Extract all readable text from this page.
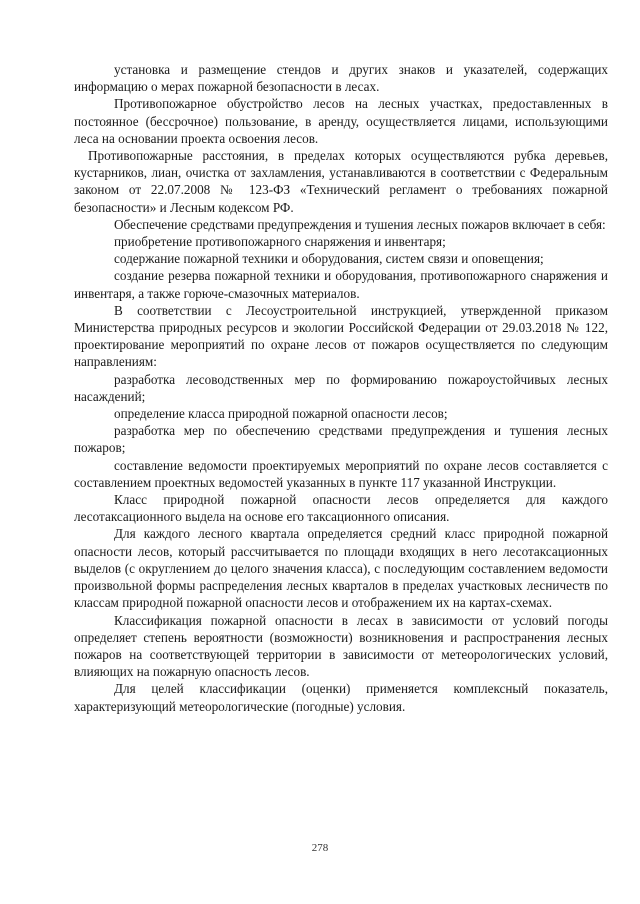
установка и размещение стендов и других знаков и указателей, содержащих информацию о мерах пожарной безопасности в лесах.

Противопожарное обустройство лесов на лесных участках, предоставленных в постоянное (бессрочное) пользование, в аренду, осуществляется лицами, использующими леса на основании проекта освоения лесов.

Противопожарные расстояния, в пределах которых осуществляются рубка деревьев, кустарников, лиан, очистка от захламления, устанавливаются в соответствии с Федеральным законом от 22.07.2008 № 123-ФЗ «Технический регламент о требованиях пожарной безопасности» и Лесным кодексом РФ.

Обеспечение средствами предупреждения и тушения лесных пожаров включает в себя:

приобретение противопожарного снаряжения и инвентаря;

содержание пожарной техники и оборудования, систем связи и оповещения;

создание резерва пожарной техники и оборудования, противопожарного снаряжения и инвентаря, а также горюче-смазочных материалов.

В соответствии с Лесоустроительной инструкцией, утвержденной приказом Министерства природных ресурсов и экологии Российской Федерации от 29.03.2018 № 122, проектирование мероприятий по охране лесов от пожаров осуществляется по следующим направлениям:

разработка лесоводственных мер по формированию пожароустойчивых лесных насаждений;

определение класса природной пожарной опасности лесов;

разработка мер по обеспечению средствами предупреждения и тушения лесных пожаров;

составление ведомости проектируемых мероприятий по охране лесов составляется с составлением проектных ведомостей указанных в пункте 117 указанной Инструкции.

Класс природной пожарной опасности лесов определяется для каждого лесотаксационного выдела на основе его таксационного описания.

Для каждого лесного квартала определяется средний класс природной пожарной опасности лесов, который рассчитывается по площади входящих в него лесотаксационных выделов (с округлением до целого значения класса), с последующим составлением ведомости произвольной формы распределения лесных кварталов в пределах участковых лесничеств по классам природной пожарной опасности лесов и отображением их на картах-схемах.

Классификация пожарной опасности в лесах в зависимости от условий погоды определяет степень вероятности (возможности) возникновения и распространения лесных пожаров на соответствующей территории в зависимости от метеорологических условий, влияющих на пожарную опасность лесов.

Для целей классификации (оценки) применяется комплексный показатель, характеризующий метеорологические (погодные) условия.

278
